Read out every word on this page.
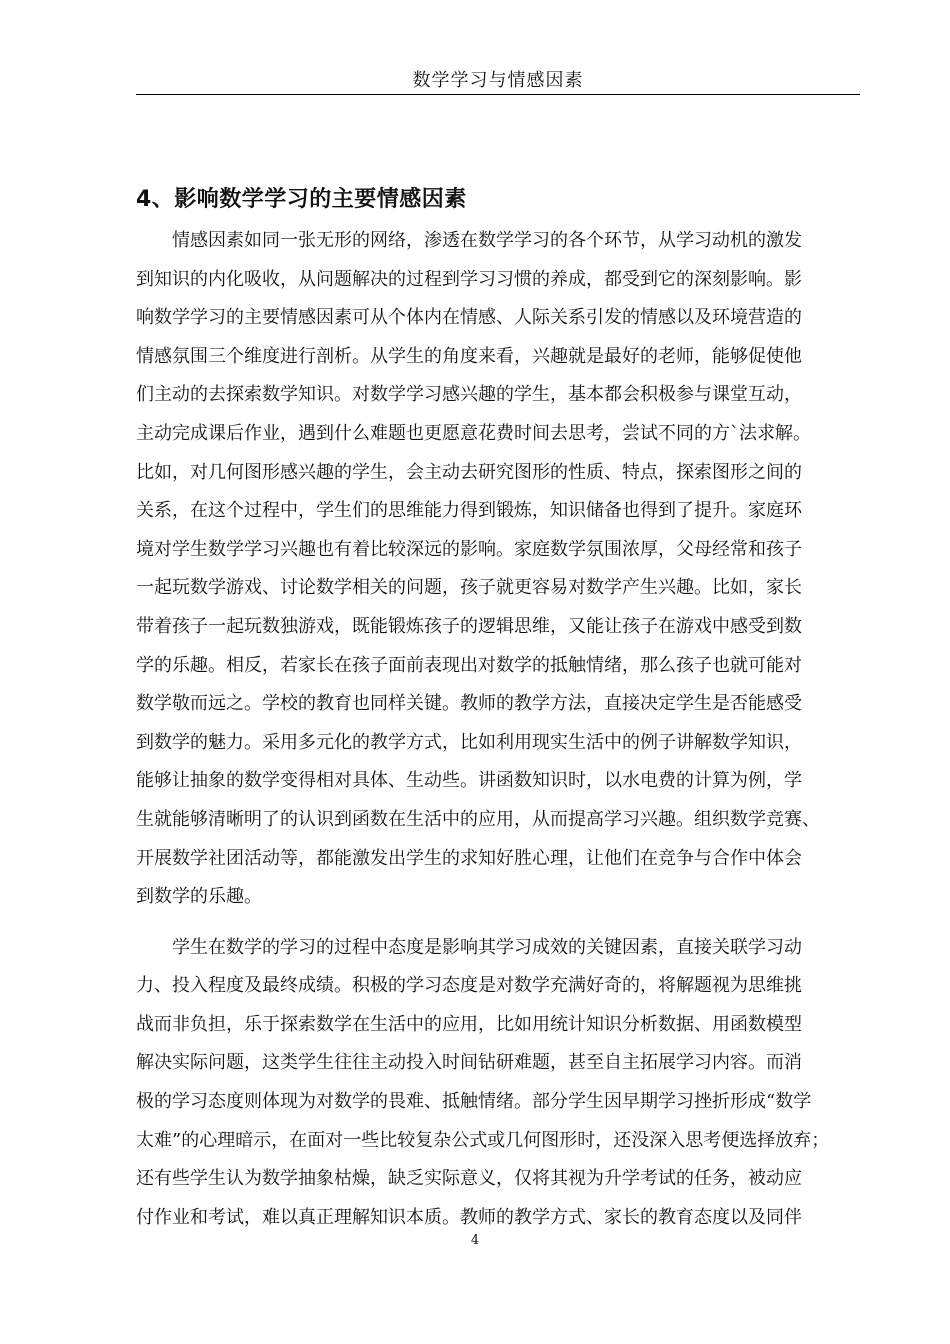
数学学习与情感因素
4、影响数学学习的主要情感因素
　　情感因素如同一张无形的网络，渗透在数学学习的各个环节，从学习动机的激发
到知识的内化吸收，从问题解决的过程到学习习惯的养成，都受到它的深刻影响。影
响数学学习的主要情感因素可从个体内在情感、人际关系引发的情感以及环境营造的
情感氛围三个维度进行剖析。从学生的角度来看，兴趣就是最好的老师，能够促使他
们主动的去探索数学知识。对数学学习感兴趣的学生，基本都会积极参与课堂互动，
主动完成课后作业，遇到什么难题也更愿意花费时间去思考，尝试不同的方`法求解。
比如，对几何图形感兴趣的学生，会主动去研究图形的性质、特点，探索图形之间的
关系，在这个过程中，学生们的思维能力得到锻炼，知识储备也得到了提升。家庭环
境对学生数学学习兴趣也有着比较深远的影响。家庭数学氛围浓厚，父母经常和孩子
一起玩数学游戏、讨论数学相关的问题，孩子就更容易对数学产生兴趣。比如，家长
带着孩子一起玩数独游戏，既能锻炼孩子的逻辑思维，又能让孩子在游戏中感受到数
学的乐趣。相反，若家长在孩子面前表现出对数学的抵触情绪，那么孩子也就可能对
数学敬而远之。学校的教育也同样关键。教师的教学方法，直接决定学生是否能感受
到数学的魅力。采用多元化的教学方式，比如利用现实生活中的例子讲解数学知识，
能够让抽象的数学变得相对具体、生动些。讲函数知识时，以水电费的计算为例，学
生就能够清晰明了的认识到函数在生活中的应用，从而提高学习兴趣。组织数学竞赛、
开展数学社团活动等，都能激发出学生的求知好胜心理，让他们在竞争与合作中体会
到数学的乐趣。
　　学生在数学的学习的过程中态度是影响其学习成效的关键因素，直接关联学习动
力、投入程度及最终成绩。积极的学习态度是对数学充满好奇的，将解题视为思维挑
战而非负担，乐于探索数学在生活中的应用，比如用统计知识分析数据、用函数模型
解决实际问题，这类学生往往主动投入时间钻研难题，甚至自主拓展学习内容。而消
极的学习态度则体现为对数学的畏难、抵触情绪。部分学生因早期学习挫折形成“数学
太难”的心理暗示，在面对一些比较复杂公式或几何图形时，还没深入思考便选择放弃；
还有些学生认为数学抽象枯燥，缺乏实际意义，仅将其视为升学考试的任务，被动应
付作业和考试，难以真正理解知识本质。教师的教学方式、家长的教育态度以及同伴
4
